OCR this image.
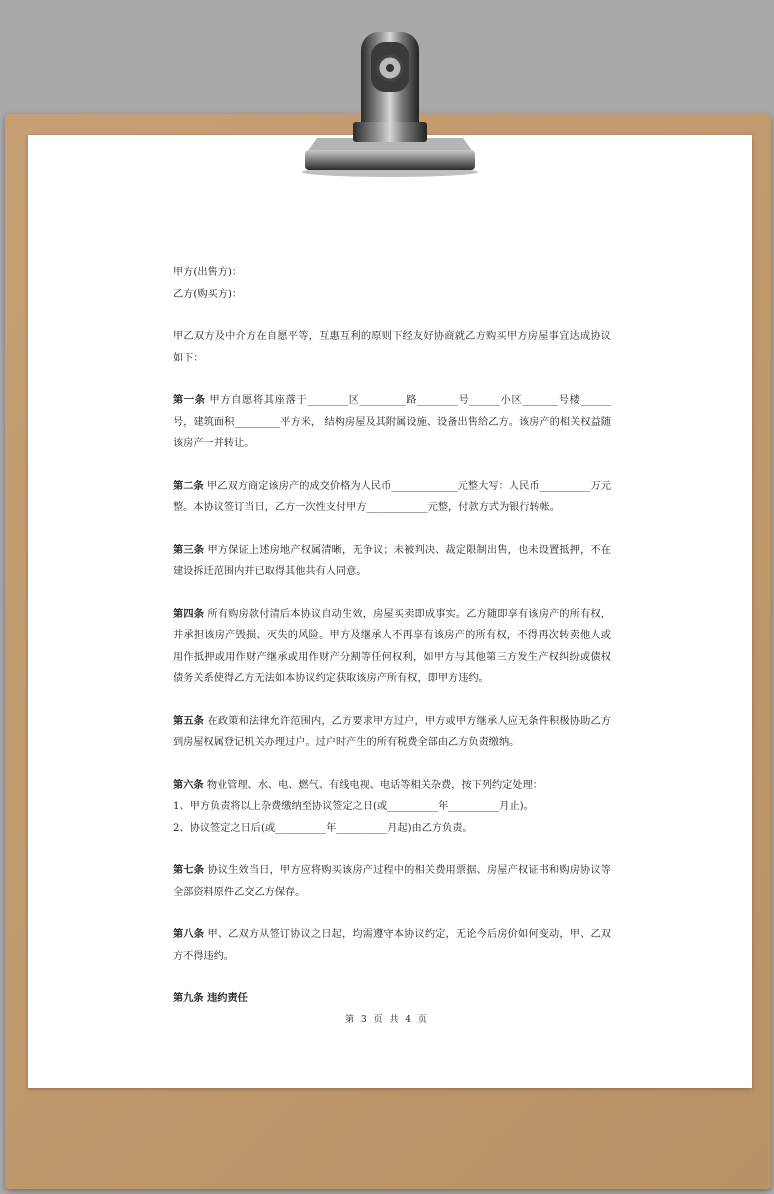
甲方(出售方)：

乙方(购买方)：

甲乙双方及中介方在自愿平等，互惠互利的原则下经友好协商就乙方购买甲方房屋事宜达成协议如下：

第一条 甲方自愿将其座落于________区_________路________号______小区_______号楼______号，建筑面积_________平方米， 结构房屋及其附属设施、设备出售给乙方。该房产的相关权益随该房产一并转让。

第二条 甲乙双方商定该房产的成交价格为人民币_____________元整大写：人民币__________万元整。本协议签订当日，乙方一次性支付甲方____________元整，付款方式为银行转帐。

第三条 甲方保证上述房地产权属清晰，无争议；未被判决、裁定限制出售，也未设置抵押，不在建设拆迁范围内并已取得其他共有人同意。

第四条 所有购房款付清后本协议自动生效，房屋买卖即成事实。乙方随即享有该房产的所有权，并承担该房产毁损、灭失的风险。甲方及继承人不再享有该房产的所有权，不得再次转卖他人或用作抵押或用作财产继承或用作财产分割等任何权利，如甲方与其他第三方发生产权纠纷或债权债务关系使得乙方无法如本协议约定获取该房产所有权，即甲方违约。

第五条 在政策和法律允许范围内，乙方要求甲方过户，甲方或甲方继承人应无条件积极协助乙方到房屋权属登记机关办理过户。过户时产生的所有税费全部由乙方负责缴纳。

第六条 物业管理、水、电、燃气、有线电视、电话等相关杂费，按下列约定处理：

1、甲方负责将以上杂费缴纳至协议签定之日(或__________年__________月止)。

2、协议签定之日后(或__________年__________月起)由乙方负责。

第七条 协议生效当日，甲方应将购买该房产过程中的相关费用票据、房屋产权证书和购房协议等全部资料原件乙交乙方保存。

第八条 甲、乙双方从签订协议之日起，均需遵守本协议约定，无论今后房价如何变动，甲、乙双方不得违约。

第九条 违约责任

第 3 页 共 4 页
